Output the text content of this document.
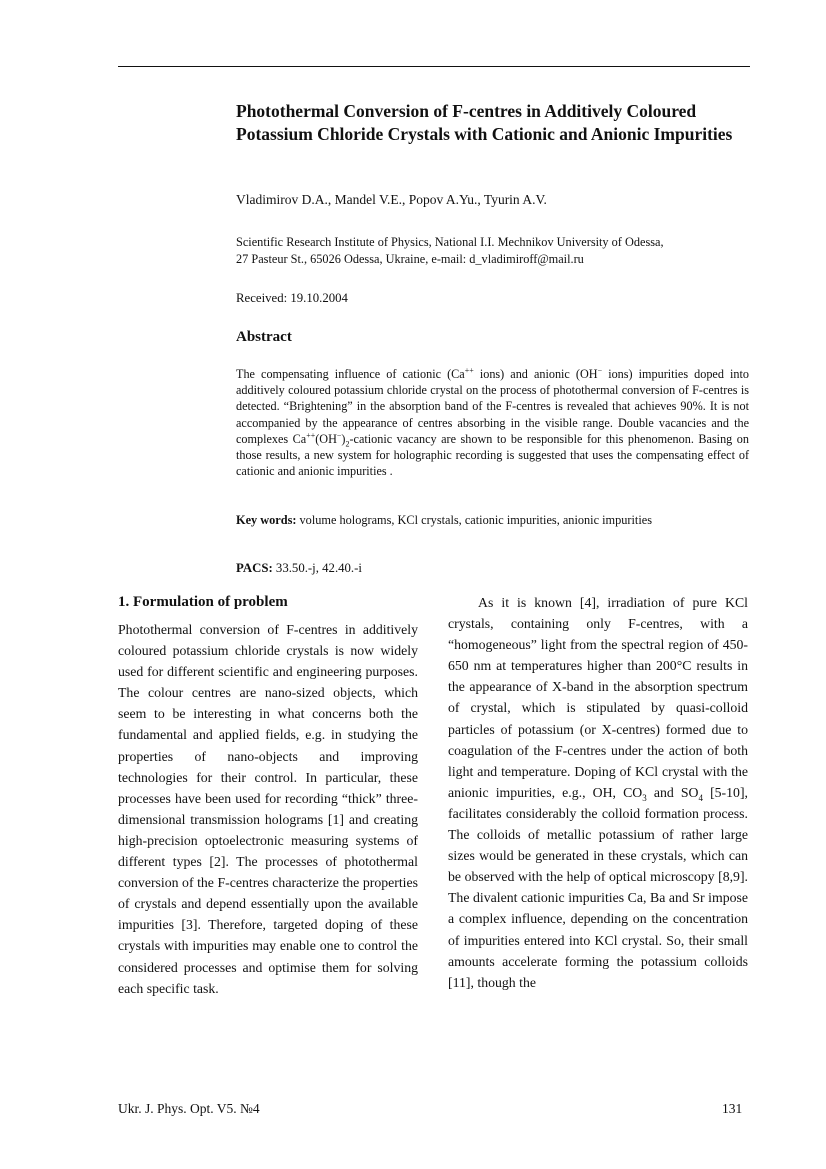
Photothermal Conversion of F-centres in Additively Coloured Potassium Chloride Crystals with Cationic and Anionic Impurities
Vladimirov D.A., Mandel V.E., Popov A.Yu., Tyurin A.V.
Scientific Research Institute of Physics, National I.I. Mechnikov University of Odessa,
27 Pasteur St., 65026 Odessa, Ukraine, e-mail: d_vladimiroff@mail.ru
Received: 19.10.2004
Abstract
The compensating influence of cationic (Ca++ ions) and anionic (OH− ions) impurities doped into additively coloured potassium chloride crystal on the process of photothermal conversion of F-centres is detected. “Brightening” in the absorption band of the F-centres is revealed that achieves 90%. It is not accompanied by the appearance of centres absorbing in the visible range. Double vacancies and the complexes $Ca^{++}(OH^-)_2$-cationic vacancy are shown to be responsible for this phenomenon. Basing on those results, a new system for holographic recording is suggested that uses the compensating effect of cationic and anionic impurities .
Key words: volume holograms, KCl crystals, cationic impurities, anionic impurities
PACS: 33.50.-j, 42.40.-i
1. Formulation of problem
Photothermal conversion of F-centres in additively coloured potassium chloride crystals is now widely used for different scientific and engineering purposes. The colour centres are nano-sized objects, which seem to be interesting in what concerns both the fundamental and applied fields, e.g. in studying the properties of nano-objects and improving technologies for their control. In particular, these processes have been used for recording “thick” three-dimensional transmission holograms [1] and creating high-precision optoelectronic measuring systems of different types [2]. The processes of photothermal conversion of the F-centres characterize the properties of crystals and depend essentially upon the available impurities [3]. Therefore, targeted doping of these crystals with impurities may enable one to control the considered processes and optimise them for solving each specific task.
As it is known [4], irradiation of pure KCl crystals, containing only F-centres, with a “homogeneous” light from the spectral region of 450-650 nm at temperatures higher than 200°C results in the appearance of X-band in the absorption spectrum of crystal, which is stipulated by quasi-colloid particles of potassium (or X-centres) formed due to coagulation of the F-centres under the action of both light and temperature. Doping of KCl crystal with the anionic impurities, e.g., OH, $CO_3$ and $SO_4$ [5-10], facilitates considerably the colloid formation process. The colloids of metallic potassium of rather large sizes would be generated in these crystals, which can be observed with the help of optical microscopy [8,9]. The divalent cationic impurities Ca, Ba and Sr impose a complex influence, depending on the concentration of impurities entered into KCl crystal. So, their small amounts accelerate forming the potassium colloids [11], though the
Ukr. J. Phys. Opt. V5. №4	131
